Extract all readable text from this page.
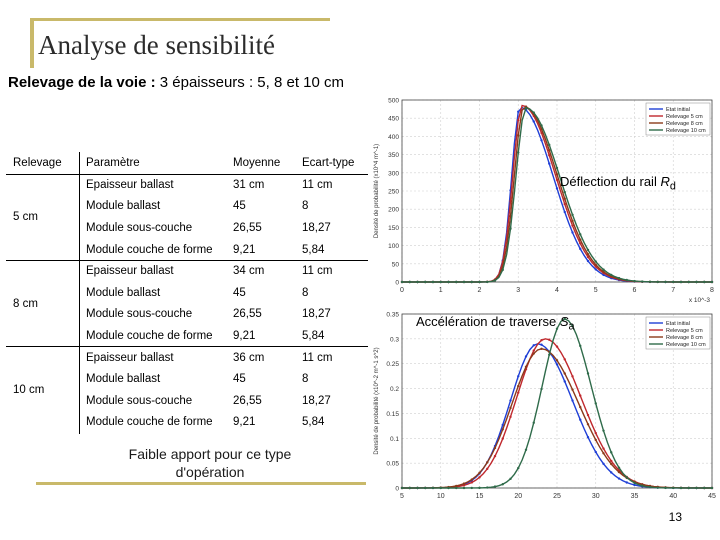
Analyse de sensibilité
Relevage de la voie : 3 épaisseurs : 5, 8 et 10 cm
Relevage	Paramètre	Moyenne	Ecart-type
5 cm	Epaisseur ballast	31 cm	11 cm
	Module ballast	45	8
	Module sous-couche	26,55	18,27
	Module couche de forme	9,21	5,84
8 cm	Epaisseur ballast	34 cm	11 cm
	Module ballast	45	8
	Module sous-couche	26,55	18,27
	Module couche de forme	9,21	5,84
10 cm	Epaisseur ballast	36 cm	11 cm
	Module ballast	45	8
	Module sous-couche	26,55	18,27
	Module couche de forme	9,21	5,84
Faible apport pour ce type
d'opération
0	1	2	3	4	5	6	7	8
0
50
100
150
200
250
300
350
400
450
500
Densité de probabilité (x10^4 m^-1)
x 10^-3
Etat initial
Relevage 5 cm
Relevage 8 cm
Relevage 10 cm
Déflection du rail $R_d$
5	10	15	20	25	30	35	40	45
0
0.05
0.1
0.15
0.2
0.25
0.3
0.35
Densité de probabilité (x10^-2 m^-1 s^2)
Etat initial
Relevage 5 cm
Relevage 8 cm
Relevage 10 cm
Accélération de traverse $S_a$
13
